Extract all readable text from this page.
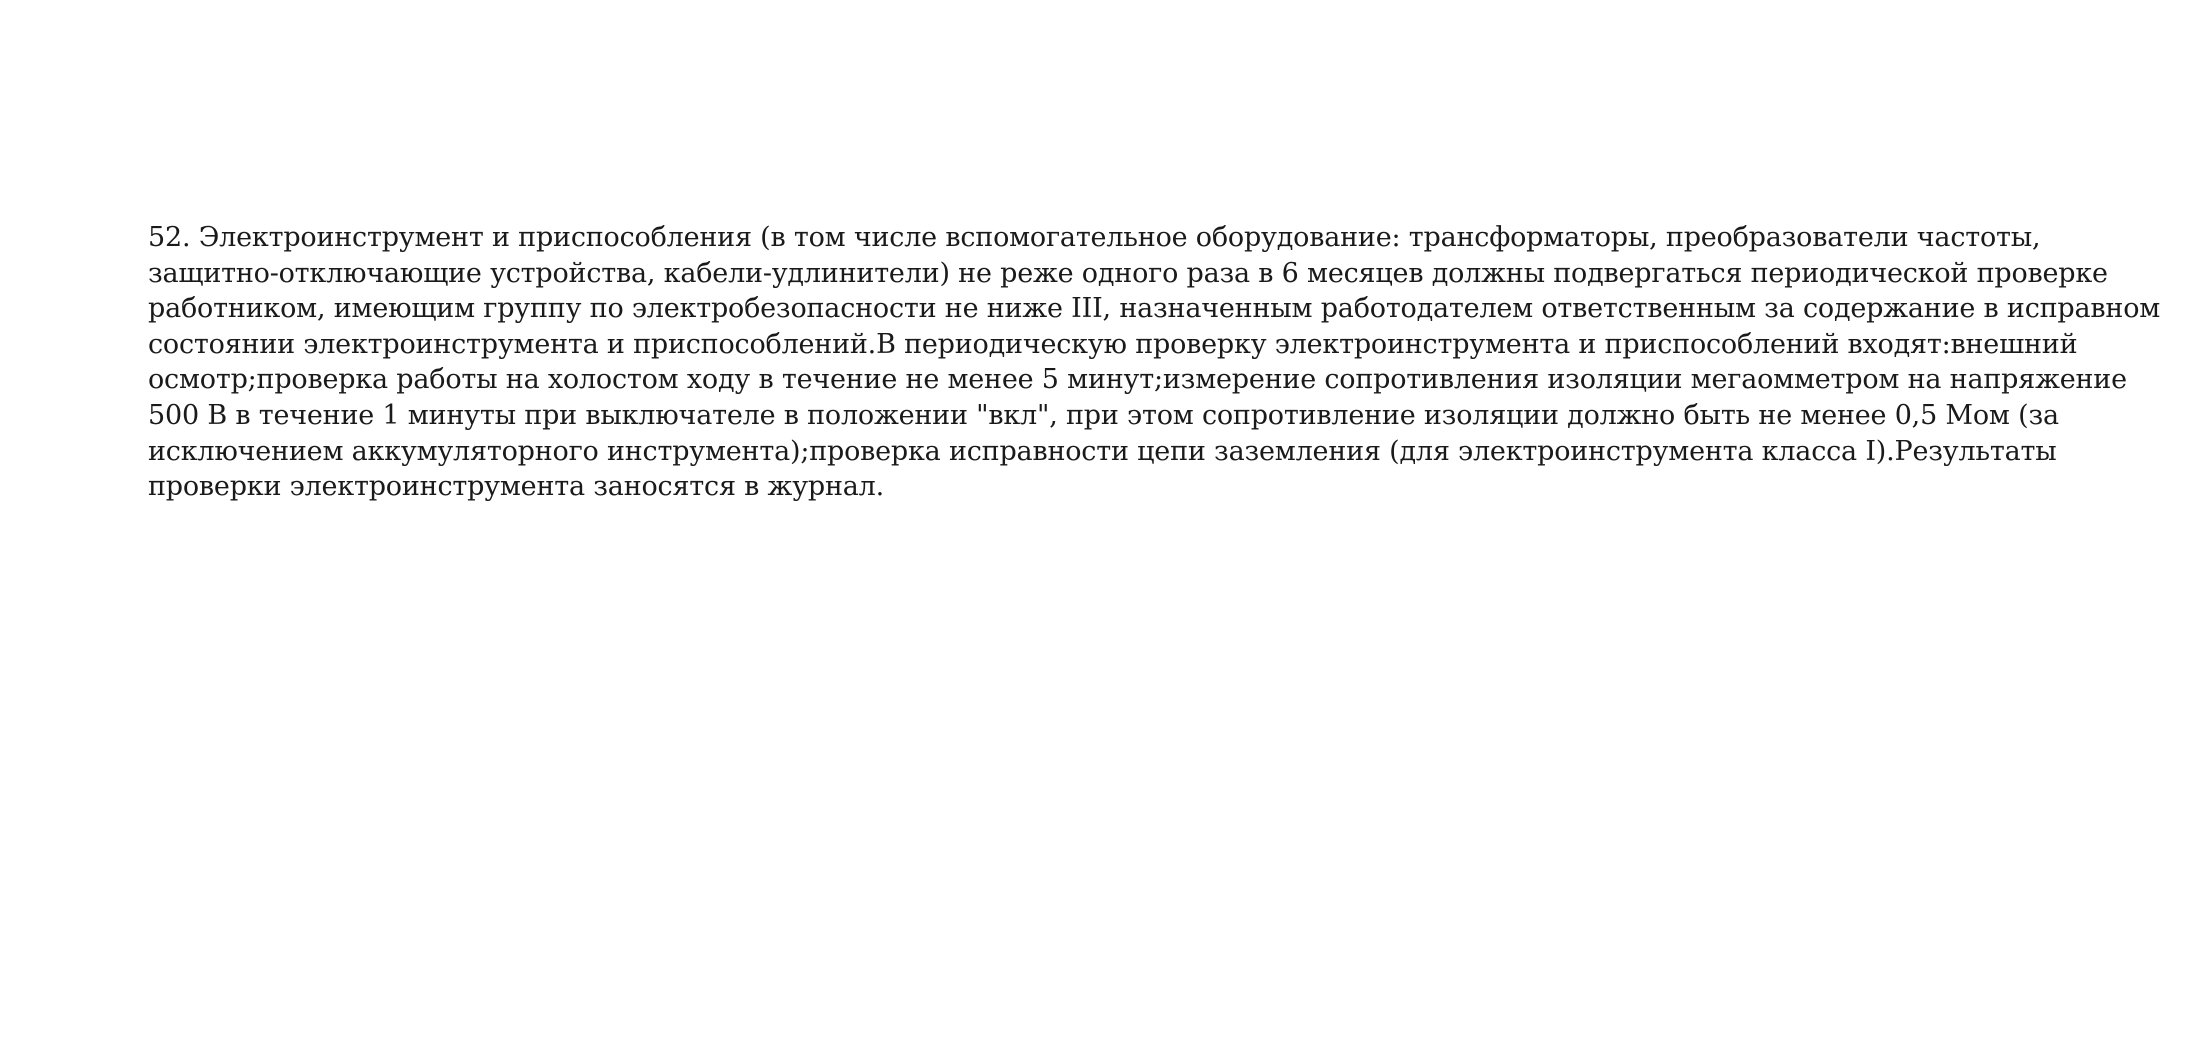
52. Электроинструмент и приспособления (в том числе вспомогательное оборудование: трансформаторы, преобразователи частоты,
защитно-отключающие устройства, кабели-удлинители) не реже одного раза в 6 месяцев должны подвергаться периодической проверке
работником, имеющим группу по электробезопасности не ниже III, назначенным работодателем ответственным за содержание в исправном
состоянии электроинструмента и приспособлений.В периодическую проверку электроинструмента и приспособлений входят:внешний
осмотр;проверка работы на холостом ходу в течение не менее 5 минут;измерение сопротивления изоляции мегаомметром на напряжение
500 В в течение 1 минуты при выключателе в положении "вкл", при этом сопротивление изоляции должно быть не менее 0,5 Мом (за
исключением аккумуляторного инструмента);проверка исправности цепи заземления (для электроинструмента класса I).Результаты
проверки электроинструмента заносятся в журнал.
